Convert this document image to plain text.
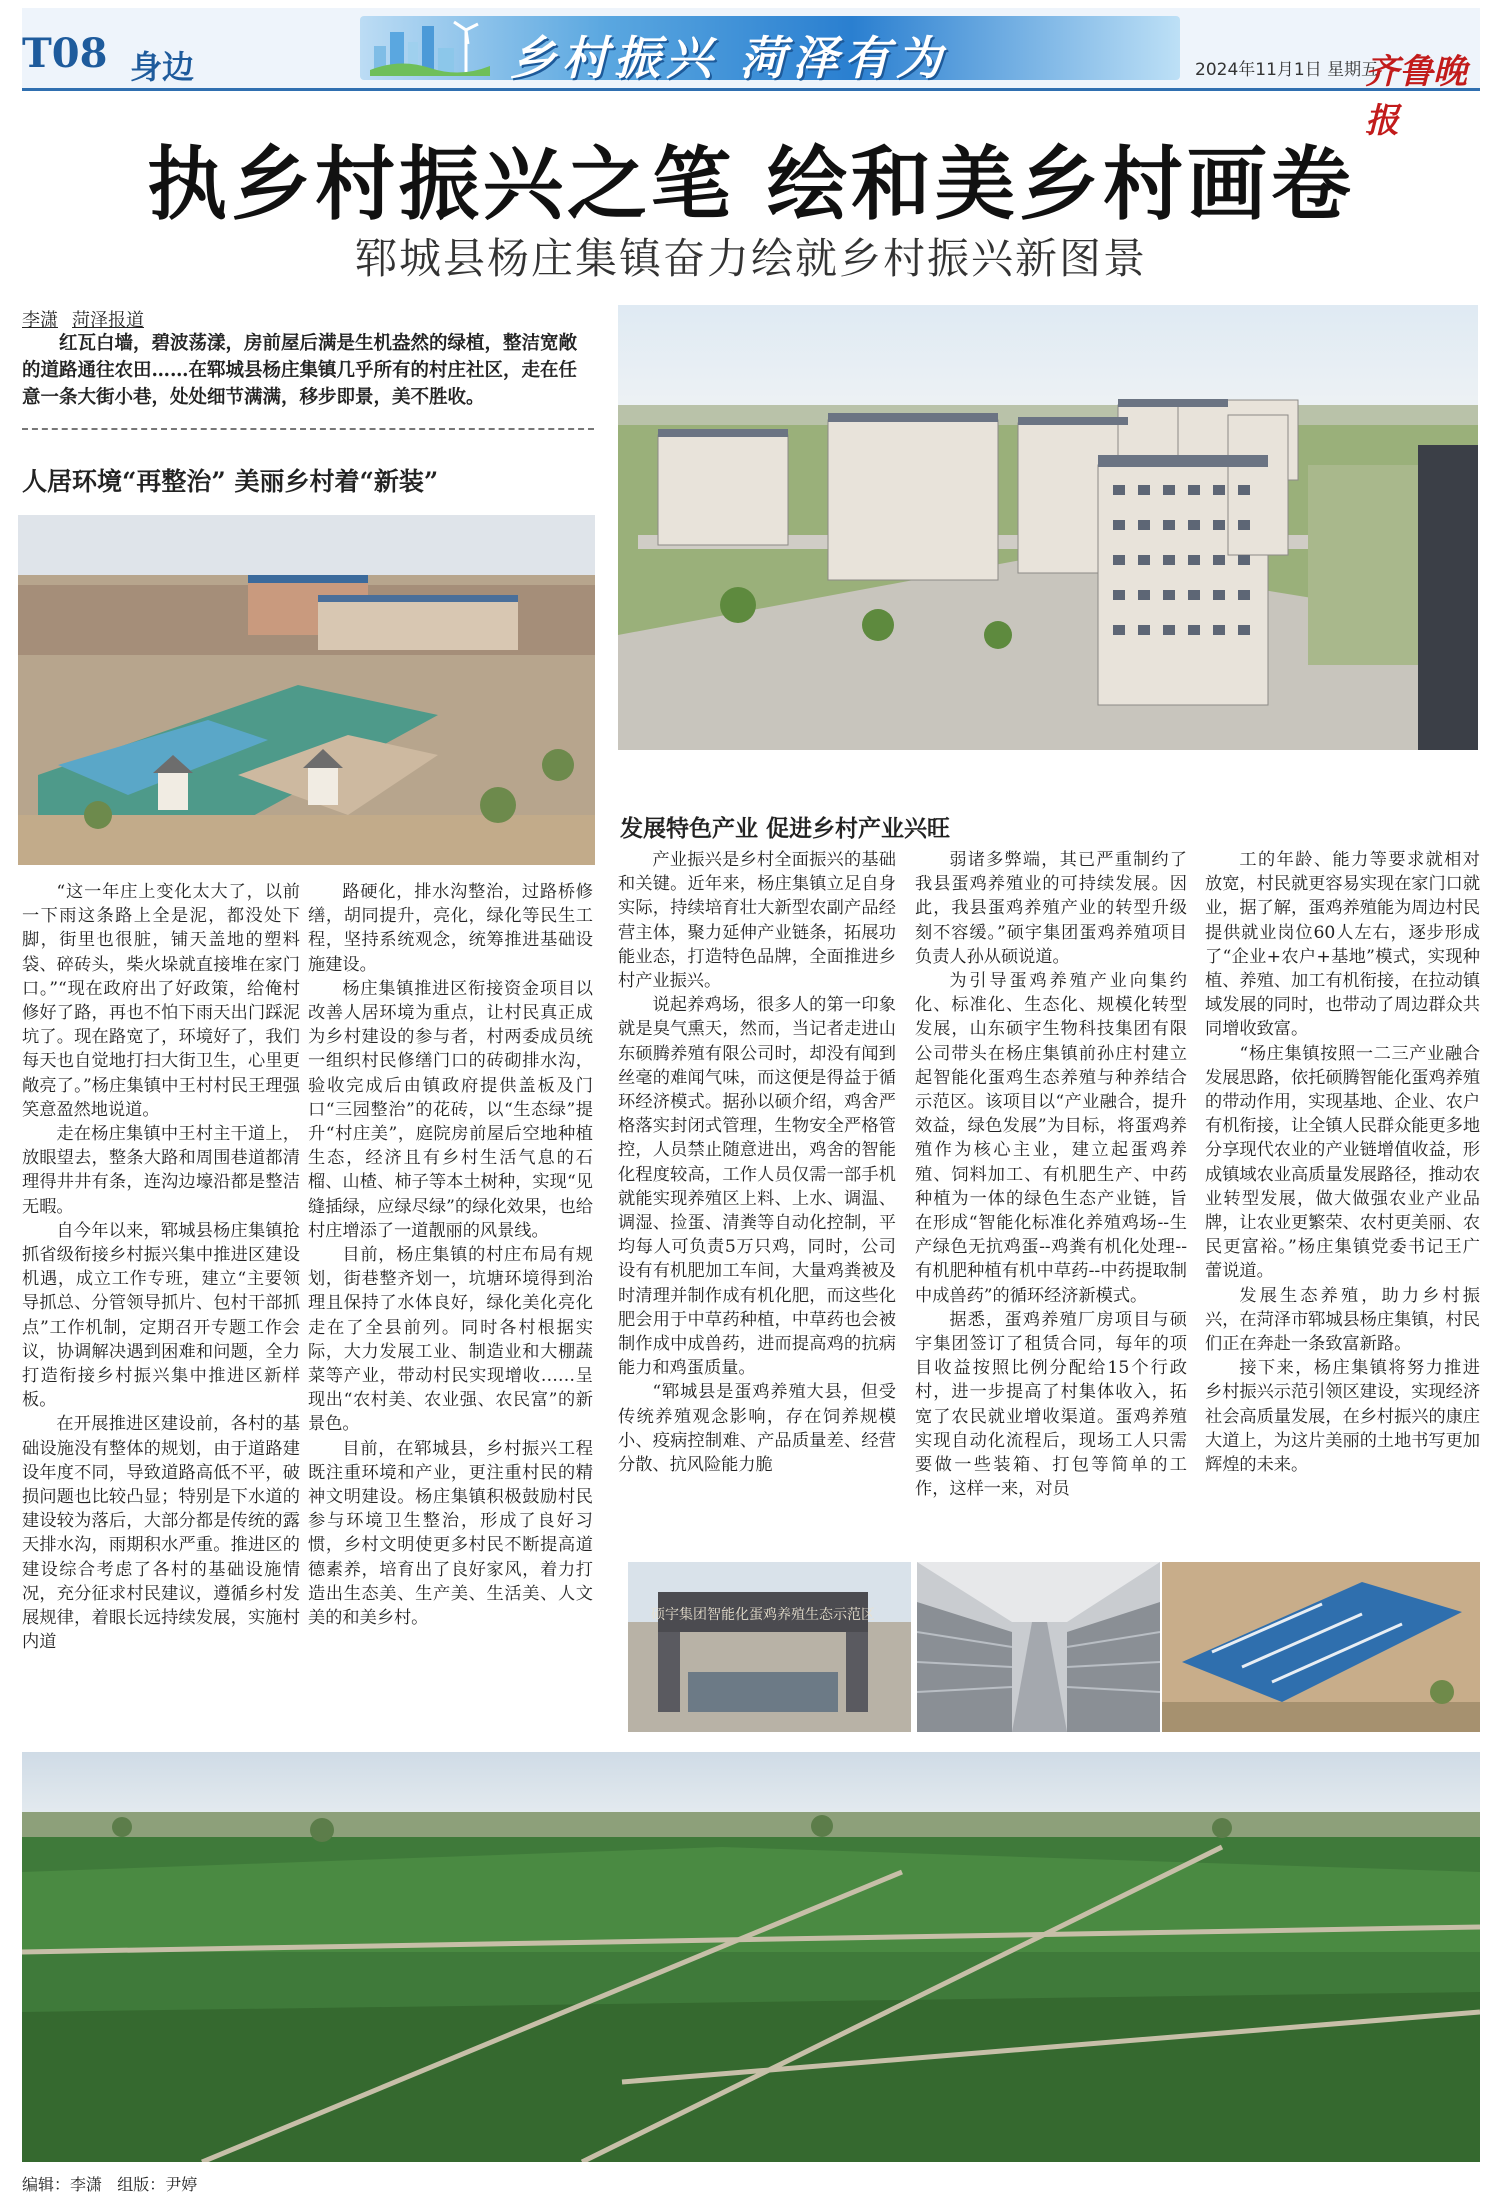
T08 身边	乡村振兴 菏泽有为	2024年11月1日 星期五
齐鲁晚报
执乡村振兴之笔 绘和美乡村画卷
郓城县杨庄集镇奋力绘就乡村振兴新图景
李潇 菏泽报道
红瓦白墙，碧波荡漾，房前屋后满是生机盎然的绿植，整洁宽敞的道路通往农田……在郓城县杨庄集镇几乎所有的村庄社区，走在任意一条大街小巷，处处细节满满，移步即景，美不胜收。
人居环境“再整治” 美丽乡村着“新装”
发展特色产业 促进乡村产业兴旺

“这一年庄上变化太大了，以前一下雨这条路上全是泥，都没处下脚，街里也很脏，铺天盖地的塑料袋、碎砖头，柴火垛就直接堆在家门口。”“现在政府出了好政策，给俺村修好了路，再也不怕下雨天出门踩泥坑了。现在路宽了，环境好了，我们每天也自觉地打扫大街卫生，心里更敞亮了。”杨庄集镇中王村村民王理强笑意盈然地说道。

走在杨庄集镇中王村主干道上，放眼望去，整条大路和周围巷道都清理得井井有条，连沟边壕沿都是整洁无暇。

自今年以来，郓城县杨庄集镇抢抓省级衔接乡村振兴集中推进区建设机遇，成立工作专班，建立“主要领导抓总、分管领导抓片、包村干部抓点”工作机制，定期召开专题工作会议，协调解决遇到困难和问题，全力打造衔接乡村振兴集中推进区新样板。

在开展推进区建设前，各村的基础设施没有整体的规划，由于道路建设年度不同，导致道路高低不平，破损问题也比较凸显；特别是下水道的建设较为落后，大部分都是传统的露天排水沟，雨期积水严重。推进区的建设综合考虑了各村的基础设施情况，充分征求村民建议，遵循乡村发展规律，着眼长远持续发展，实施村内道

路硬化，排水沟整治，过路桥修缮，胡同提升，亮化，绿化等民生工程，坚持系统观念，统筹推进基础设施建设。

杨庄集镇推进区衔接资金项目以改善人居环境为重点，让村民真正成为乡村建设的参与者，村两委成员统一组织村民修缮门口的砖砌排水沟，验收完成后由镇政府提供盖板及门口“三园整治”的花砖，以“生态绿”提升“村庄美”，庭院房前屋后空地种植生态，经济且有乡村生活气息的石榴、山楂、柿子等本土树种，实现“见缝插绿，应绿尽绿”的绿化效果，也给村庄增添了一道靓丽的风景线。

目前，杨庄集镇的村庄布局有规划，街巷整齐划一，坑塘环境得到治理且保持了水体良好，绿化美化亮化走在了全县前列。同时各村根据实际，大力发展工业、制造业和大棚蔬菜等产业，带动村民实现增收……呈现出“农村美、农业强、农民富”的新景色。

目前，在郓城县，乡村振兴工程既注重环境和产业，更注重村民的精神文明建设。杨庄集镇积极鼓励村民参与环境卫生整治，形成了良好习惯，乡村文明使更多村民不断提高道德素养，培育出了良好家风，着力打造出生态美、生产美、生活美、人文美的和美乡村。

产业振兴是乡村全面振兴的基础和关键。近年来，杨庄集镇立足自身实际，持续培育壮大新型农副产品经营主体，聚力延伸产业链条，拓展功能业态，打造特色品牌，全面推进乡村产业振兴。

说起养鸡场，很多人的第一印象就是臭气熏天，然而，当记者走进山东硕腾养殖有限公司时，却没有闻到丝毫的难闻气味，而这便是得益于循环经济模式。据孙以硕介绍，鸡舍严格落实封闭式管理，生物安全严格管控，人员禁止随意进出，鸡舍的智能化程度较高，工作人员仅需一部手机就能实现养殖区上料、上水、调温、调湿、捡蛋、清粪等自动化控制，平均每人可负责5万只鸡，同时，公司设有有机肥加工车间，大量鸡粪被及时清理并制作成有机化肥，而这些化肥会用于中草药种植，中草药也会被制作成中成兽药，进而提高鸡的抗病能力和鸡蛋质量。

“郓城县是蛋鸡养殖大县，但受传统养殖观念影响，存在饲养规模小、疫病控制难、产品质量差、经营分散、抗风险能力脆

弱诸多弊端，其已严重制约了我县蛋鸡养殖业的可持续发展。因此，我县蛋鸡养殖产业的转型升级刻不容缓。”硕宇集团蛋鸡养殖项目负责人孙从硕说道。

为引导蛋鸡养殖产业向集约化、标准化、生态化、规模化转型发展，山东硕宇生物科技集团有限公司带头在杨庄集镇前孙庄村建立起智能化蛋鸡生态养殖与种养结合示范区。该项目以“产业融合，提升效益，绿色发展”为目标，将蛋鸡养殖作为核心主业，建立起蛋鸡养殖、饲料加工、有机肥生产、中药种植为一体的绿色生态产业链，旨在形成“智能化标准化养殖鸡场--生产绿色无抗鸡蛋--鸡粪有机化处理--有机肥种植有机中草药--中药提取制中成兽药”的循环经济新模式。

据悉，蛋鸡养殖厂房项目与硕宇集团签订了租赁合同，每年的项目收益按照比例分配给15个行政村，进一步提高了村集体收入，拓宽了农民就业增收渠道。蛋鸡养殖实现自动化流程后，现场工人只需要做一些装箱、打包等简单的工作，这样一来，对员

工的年龄、能力等要求就相对放宽，村民就更容易实现在家门口就业，据了解，蛋鸡养殖能为周边村民提供就业岗位60人左右，逐步形成了“企业+农户+基地”模式，实现种植、养殖、加工有机衔接，在拉动镇域发展的同时，也带动了周边群众共同增收致富。

“杨庄集镇按照一二三产业融合发展思路，依托硕腾智能化蛋鸡养殖的带动作用，实现基地、企业、农户有机衔接，让全镇人民群众能更多地分享现代农业的产业链增值收益，形成镇域农业高质量发展路径，推动农业转型发展，做大做强农业产业品牌，让农业更繁荣、农村更美丽、农民更富裕。”杨庄集镇党委书记王广蕾说道。

发展生态养殖，助力乡村振兴，在菏泽市郓城县杨庄集镇，村民们正在奔赴一条致富新路。

接下来，杨庄集镇将努力推进乡村振兴示范引领区建设，实现经济社会高质量发展，在乡村振兴的康庄大道上，为这片美丽的土地书写更加辉煌的未来。

硕宇集团智能化蛋鸡养殖生态示范区
编辑：李潇 组版：尹婷
